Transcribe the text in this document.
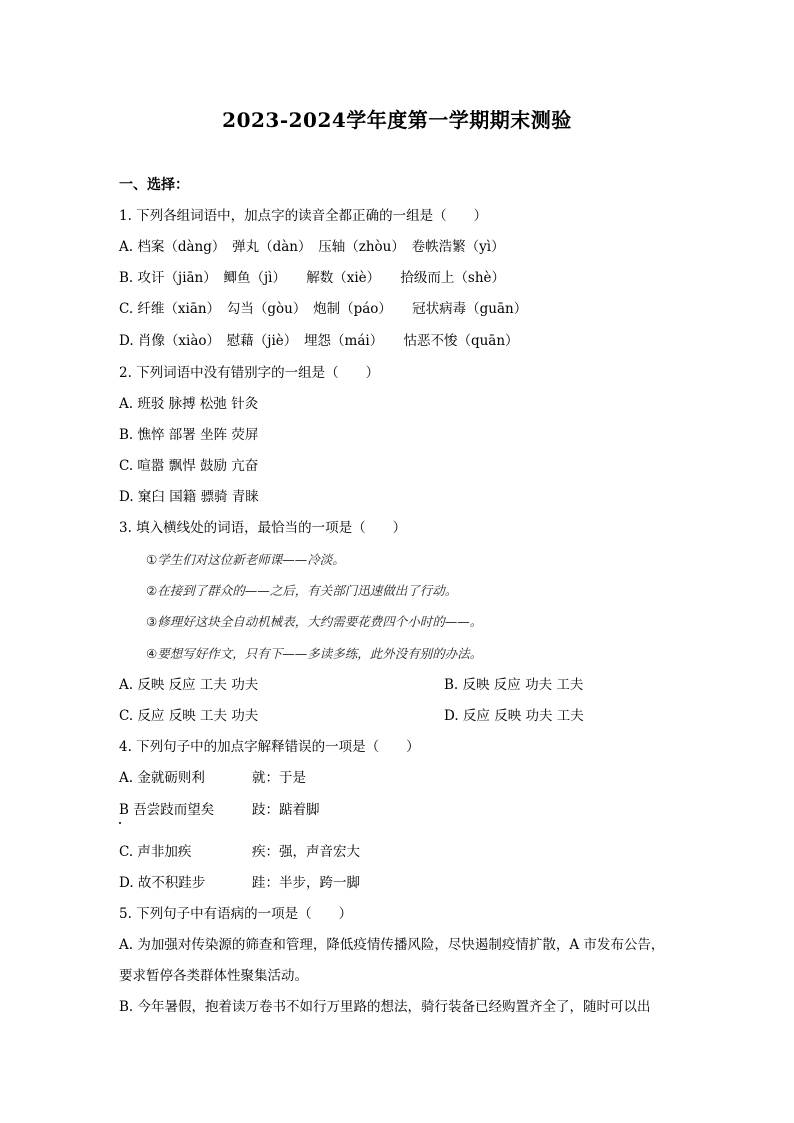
2023-2024学年度第一学期期末测验
一、选择：
1. 下列各组词语中，加点字的读音全都正确的一组是（　　）
A. 档案（dàng）　弹丸（dàn）　压轴（zhòu）　卷帙浩繁（yì）
B. 攻讦（jiān）　鲫鱼（jì）　　解数（xiè）　　拾级而上（shè）
C. 纤维（xiān）　勾当（gòu）　炮制（páo）　　冠状病毒（guān）
D. 肖像（xiào）　慰藉（jiè）　埋怨（mái）　　怙恶不悛（quān）
2. 下列词语中没有错别字的一组是（　　）
A. 班驳 脉搏 松弛 针灸
B. 憔悴 部署 坐阵 荧屏
C. 喧嚣 飘悍 鼓励 亢奋
D. 窠臼 国籍 骠骑 青睐
3. 填入横线处的词语，最恰当的一项是（　　）
①学生们对这位新老师课——冷淡。
②在接到了群众的——之后，有关部门迅速做出了行动。
③修理好这块全自动机械表，大约需要花费四个小时的——。
④要想写好作文，只有下——多读多练，此外没有别的办法。
A. 反映 反应 工夫 功夫	B. 反映 反应 功夫 工夫
C. 反应 反映 工夫 功夫	D. 反应 反映 功夫 工夫
4. 下列句子中的加点字解释错误的一项是（　　）
A. 金就砺则利	就：于是
B 吾尝跂而望矣	跂：踮着脚
C. 声非加疾	疾：强，声音宏大
D. 故不积跬步	跬：半步，跨一脚
5. 下列句子中有语病的一项是（　　）
A. 为加强对传染源的筛查和管理，降低疫情传播风险，尽快遏制疫情扩散，A 市发布公告，
要求暂停各类群体性聚集活动。
B. 今年暑假，抱着读万卷书不如行万里路的想法，骑行装备已经购置齐全了，随时可以出
